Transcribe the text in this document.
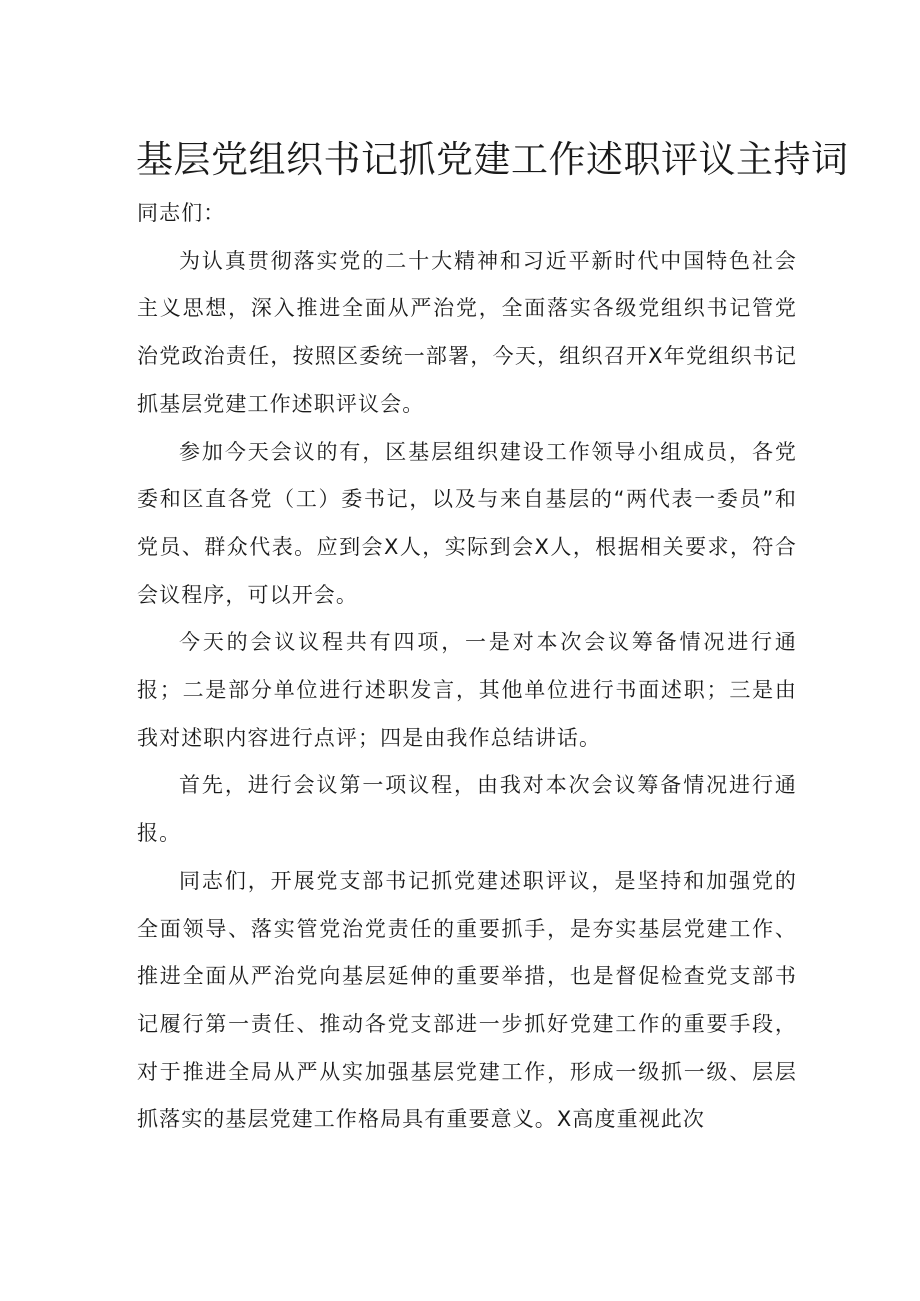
基层党组织书记抓党建工作述职评议主持词

同志们：

为认真贯彻落实党的二十大精神和习近平新时代中国特色社会主义思想，深入推进全面从严治党，全面落实各级党组织书记管党治党政治责任，按照区委统一部署，今天，组织召开X年党组织书记抓基层党建工作述职评议会。

参加今天会议的有，区基层组织建设工作领导小组成员，各党委和区直各党（工）委书记，以及与来自基层的“两代表一委员”和党员、群众代表。应到会X人，实际到会X人，根据相关要求，符合会议程序，可以开会。

今天的会议议程共有四项，一是对本次会议筹备情况进行通报；二是部分单位进行述职发言，其他单位进行书面述职；三是由我对述职内容进行点评；四是由我作总结讲话。

首先，进行会议第一项议程，由我对本次会议筹备情况进行通报。

同志们，开展党支部书记抓党建述职评议，是坚持和加强党的全面领导、落实管党治党责任的重要抓手，是夯实基层党建工作、推进全面从严治党向基层延伸的重要举措，也是督促检查党支部书记履行第一责任、推动各党支部进一步抓好党建工作的重要手段，对于推进全局从严从实加强基层党建工作，形成一级抓一级、层层抓落实的基层党建工作格局具有重要意义。X高度重视此次
